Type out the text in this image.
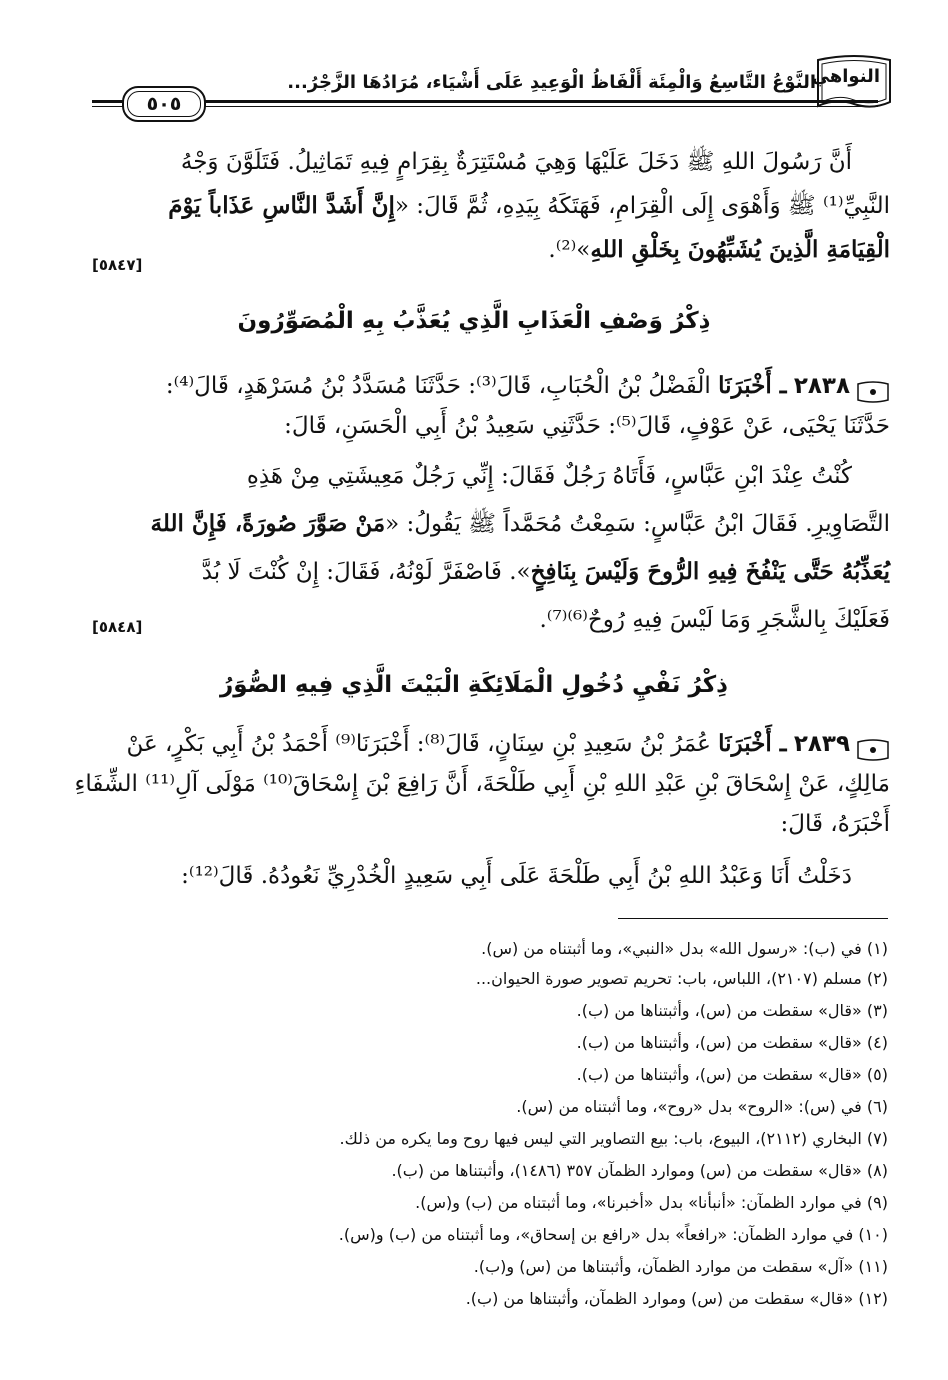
النواهي
النَّوْعُ التَّاسِعُ وَالْمِئَة أَلْفَاظُ الْوَعِيدِ عَلَى أَشْيَاء، مُرَادُهَا الزَّجْرُ...
٥٠٥
أَنَّ رَسُولَ اللهِ ﷺ دَخَلَ عَلَيْهَا وَهِيَ مُسْتَتِرَةٌ بِقِرَامٍ فِيهِ تَمَاثِيلُ. فَتَلَوَّنَ وَجْهُ
النَّبِيِّ⁽¹⁾ ﷺ وَأَهْوَى إِلَى الْقِرَامِ، فَهَتَكَهُ بِيَدِهِ، ثُمَّ قَالَ: «إِنَّ أَشَدَّ النَّاسِ عَذَاباً يَوْمَ
الْقِيَامَةِ الَّذِينَ يُشَبِّهُونَ بِخَلْقِ اللهِ»⁽²⁾.
[٥٨٤٧]
ذِكْرُ وَصْفِ الْعَذَابِ الَّذِي يُعَذَّبُ بِهِ الْمُصَوِّرُونَ
٢٨٣٨ ـ أَخْبَرَنَا الْفَضْلُ بْنُ الْحُبَابِ، قَالَ⁽³⁾: حَدَّثَنَا مُسَدَّدُ بْنُ مُسَرْهَدٍ، قَالَ⁽⁴⁾:
حَدَّثَنَا يَحْيَى، عَنْ عَوْفٍ، قَالَ⁽⁵⁾: حَدَّثَنِي سَعِيدُ بْنُ أَبِي الْحَسَنِ، قَالَ:
كُنْتُ عِنْدَ ابْنِ عَبَّاسٍ، فَأَتَاهُ رَجُلٌ فَقَالَ: إِنِّي رَجُلٌ مَعِيشَتِي مِنْ هَذِهِ
التَّصَاوِيرِ. فَقَالَ ابْنُ عَبَّاسٍ: سَمِعْتُ مُحَمَّداً ﷺ يَقُولُ: «مَنْ صَوَّرَ صُورَةً، فَإِنَّ اللهَ
يُعَذِّبُهُ حَتَّى يَنْفُخَ فِيهِ الرُّوحَ وَلَيْسَ بِنَافِخٍ». فَاصْفَرَّ لَوْنُهُ، فَقَالَ: إِنْ كُنْتَ لَا بُدَّ
فَعَلَيْكَ بِالشَّجَرِ وَمَا لَيْسَ فِيهِ رُوحٌ⁽⁶⁾⁽⁷⁾.
[٥٨٤٨]
ذِكْرُ نَفْيِ دُخُولِ الْمَلَائِكَةِ الْبَيْتَ الَّذِي فِيهِ الصُّوَرُ
٢٨٣٩ ـ أَخْبَرَنَا عُمَرُ بْنُ سَعِيدِ بْنِ سِنَانٍ، قَالَ⁽⁸⁾: أَخْبَرَنَا⁽⁹⁾ أَحْمَدُ بْنُ أَبِي بَكْرٍ، عَنْ
مَالِكٍ، عَنْ إِسْحَاقَ بْنِ عَبْدِ اللهِ بْنِ أَبِي طَلْحَةَ، أَنَّ رَافِعَ بْنَ إِسْحَاقَ⁽¹⁰⁾ مَوْلَى آلِ⁽¹¹⁾ الشِّفَاءِ
أَخْبَرَهُ، قَالَ:
دَخَلْتُ أَنَا وَعَبْدُ اللهِ بْنُ أَبِي طَلْحَةَ عَلَى أَبِي سَعِيدٍ الْخُدْرِيِّ نَعُودُهُ. قَالَ⁽¹²⁾:
(١) في (ب): «رسول الله» بدل «النبي»، وما أثبتناه من (س).
(٢) مسلم (٢١٠٧)، اللباس، باب: تحريم تصوير صورة الحيوان...
(٣) «قال» سقطت من (س)، وأثبتناها من (ب).
(٤) «قال» سقطت من (س)، وأثبتناها من (ب).
(٥) «قال» سقطت من (س)، وأثبتناها من (ب).
(٦) في (س): «الروح» بدل «روح»، وما أثبتناه من (س).
(٧) البخاري (٢١١٢)، البيوع، باب: بيع التصاوير التي ليس فيها روح وما يكره من ذلك.
(٨) «قال» سقطت من (س) وموارد الظمآن ٣٥٧ (١٤٨٦)، وأثبتناها من (ب).
(٩) في موارد الظمآن: «أنبأنا» بدل «أخبرنا»، وما أثبتناه من (ب) و(س).
(١٠) في موارد الظمآن: «رافعاً» بدل «رافع بن إسحاق»، وما أثبتناه من (ب) و(س).
(١١) «آل» سقطت من موارد الظمآن، وأثبتناها من (س) و(ب).
(١٢) «قال» سقطت من (س) وموارد الظمآن، وأثبتناها من (ب).
